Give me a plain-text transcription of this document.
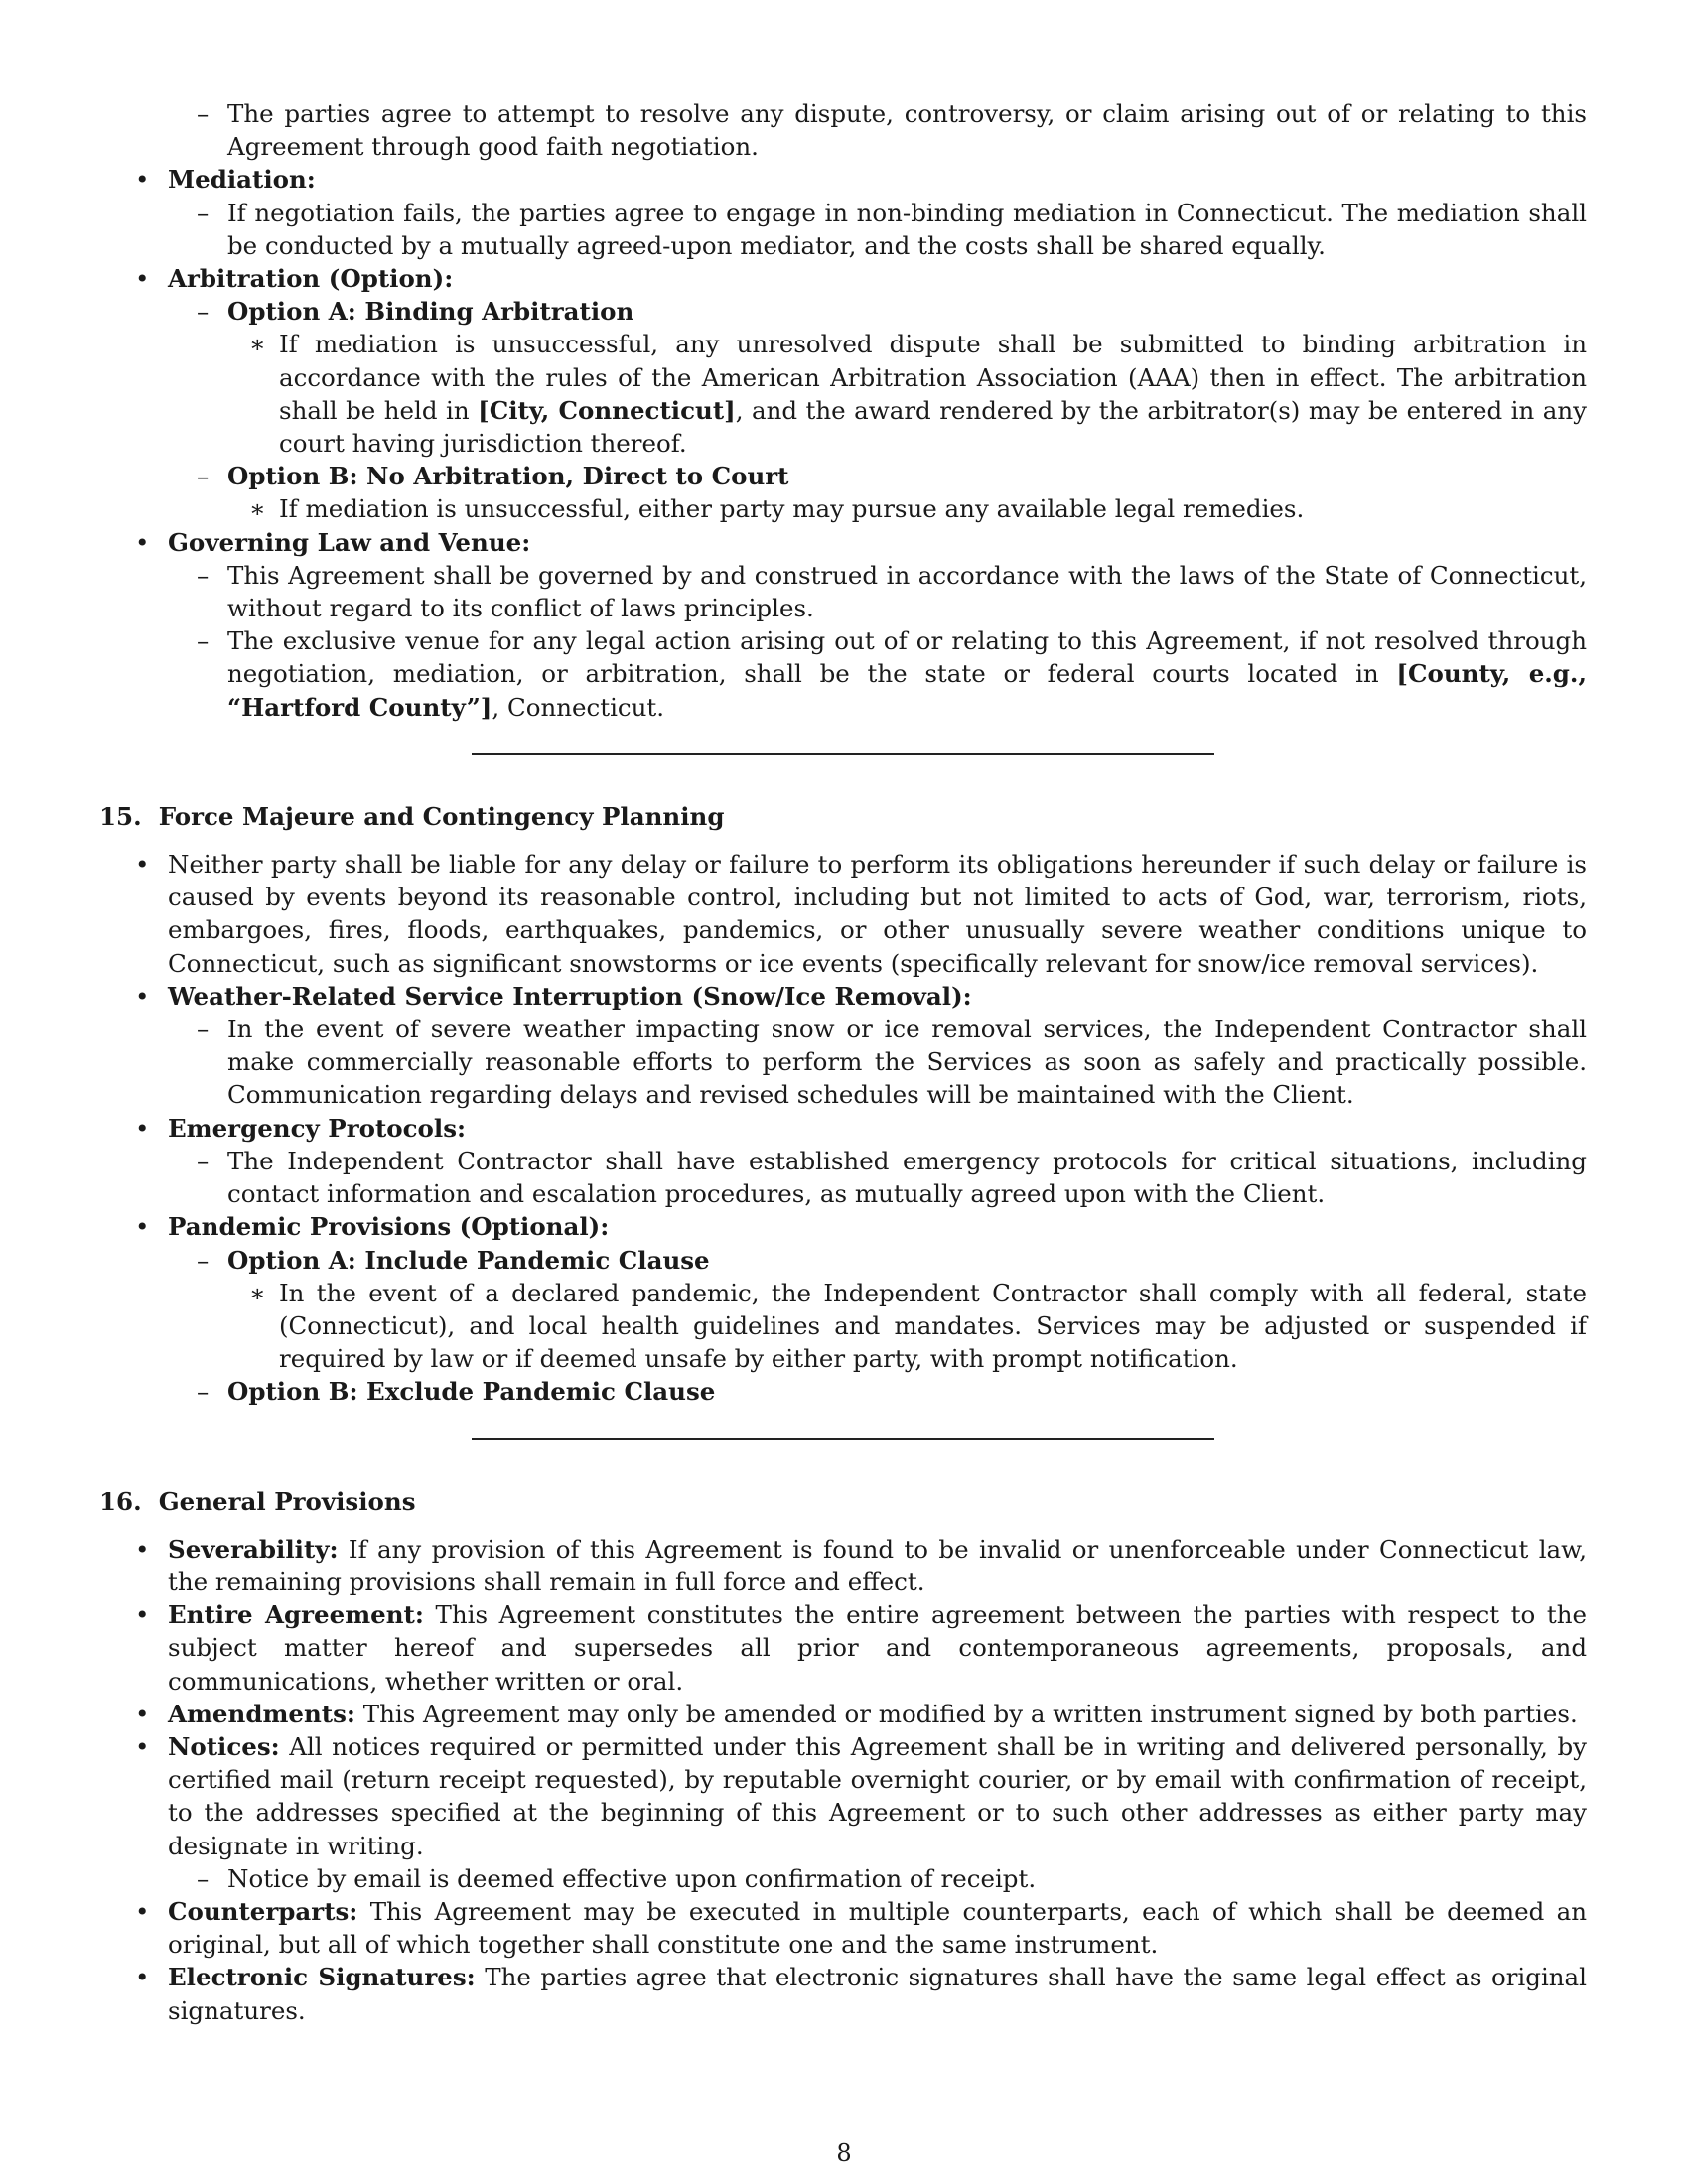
– The parties agree to attempt to resolve any dispute, controversy, or claim arising out of or relating to this Agreement through good faith negotiation.
• Mediation:
– If negotiation fails, the parties agree to engage in non-binding mediation in Connecticut. The mediation shall be conducted by a mutually agreed-upon mediator, and the costs shall be shared equally.
• Arbitration (Option):
– Option A: Binding Arbitration
∗ If mediation is unsuccessful, any unresolved dispute shall be submitted to binding arbitration in accordance with the rules of the American Arbitration Association (AAA) then in effect. The arbitration shall be held in [City, Connecticut], and the award rendered by the arbitrator(s) may be entered in any court having jurisdiction thereof.
– Option B: No Arbitration, Direct to Court
∗ If mediation is unsuccessful, either party may pursue any available legal remedies.
• Governing Law and Venue:
– This Agreement shall be governed by and construed in accordance with the laws of the State of Connecticut, without regard to its conflict of laws principles.
– The exclusive venue for any legal action arising out of or relating to this Agreement, if not resolved through negotiation, mediation, or arbitration, shall be the state or federal courts located in [County, e.g., “Hartford County”], Connecticut.
15. Force Majeure and Contingency Planning
• Neither party shall be liable for any delay or failure to perform its obligations hereunder if such delay or failure is caused by events beyond its reasonable control, including but not limited to acts of God, war, terrorism, riots, embargoes, fires, floods, earthquakes, pandemics, or other unusually severe weather conditions unique to Connecticut, such as significant snowstorms or ice events (specifically relevant for snow/ice removal services).
• Weather-Related Service Interruption (Snow/Ice Removal):
– In the event of severe weather impacting snow or ice removal services, the Independent Contractor shall make commercially reasonable efforts to perform the Services as soon as safely and practically possible. Communication regarding delays and revised schedules will be maintained with the Client.
• Emergency Protocols:
– The Independent Contractor shall have established emergency protocols for critical situations, including contact information and escalation procedures, as mutually agreed upon with the Client.
• Pandemic Provisions (Optional):
– Option A: Include Pandemic Clause
∗ In the event of a declared pandemic, the Independent Contractor shall comply with all federal, state (Connecticut), and local health guidelines and mandates. Services may be adjusted or suspended if required by law or if deemed unsafe by either party, with prompt notification.
– Option B: Exclude Pandemic Clause
16. General Provisions
• Severability: If any provision of this Agreement is found to be invalid or unenforceable under Connecticut law, the remaining provisions shall remain in full force and effect.
• Entire Agreement: This Agreement constitutes the entire agreement between the parties with respect to the subject matter hereof and supersedes all prior and contemporaneous agreements, proposals, and communications, whether written or oral.
• Amendments: This Agreement may only be amended or modified by a written instrument signed by both parties.
• Notices: All notices required or permitted under this Agreement shall be in writing and delivered personally, by certified mail (return receipt requested), by reputable overnight courier, or by email with confirmation of receipt, to the addresses specified at the beginning of this Agreement or to such other addresses as either party may designate in writing.
– Notice by email is deemed effective upon confirmation of receipt.
• Counterparts: This Agreement may be executed in multiple counterparts, each of which shall be deemed an original, but all of which together shall constitute one and the same instrument.
• Electronic Signatures: The parties agree that electronic signatures shall have the same legal effect as original signatures.
8
